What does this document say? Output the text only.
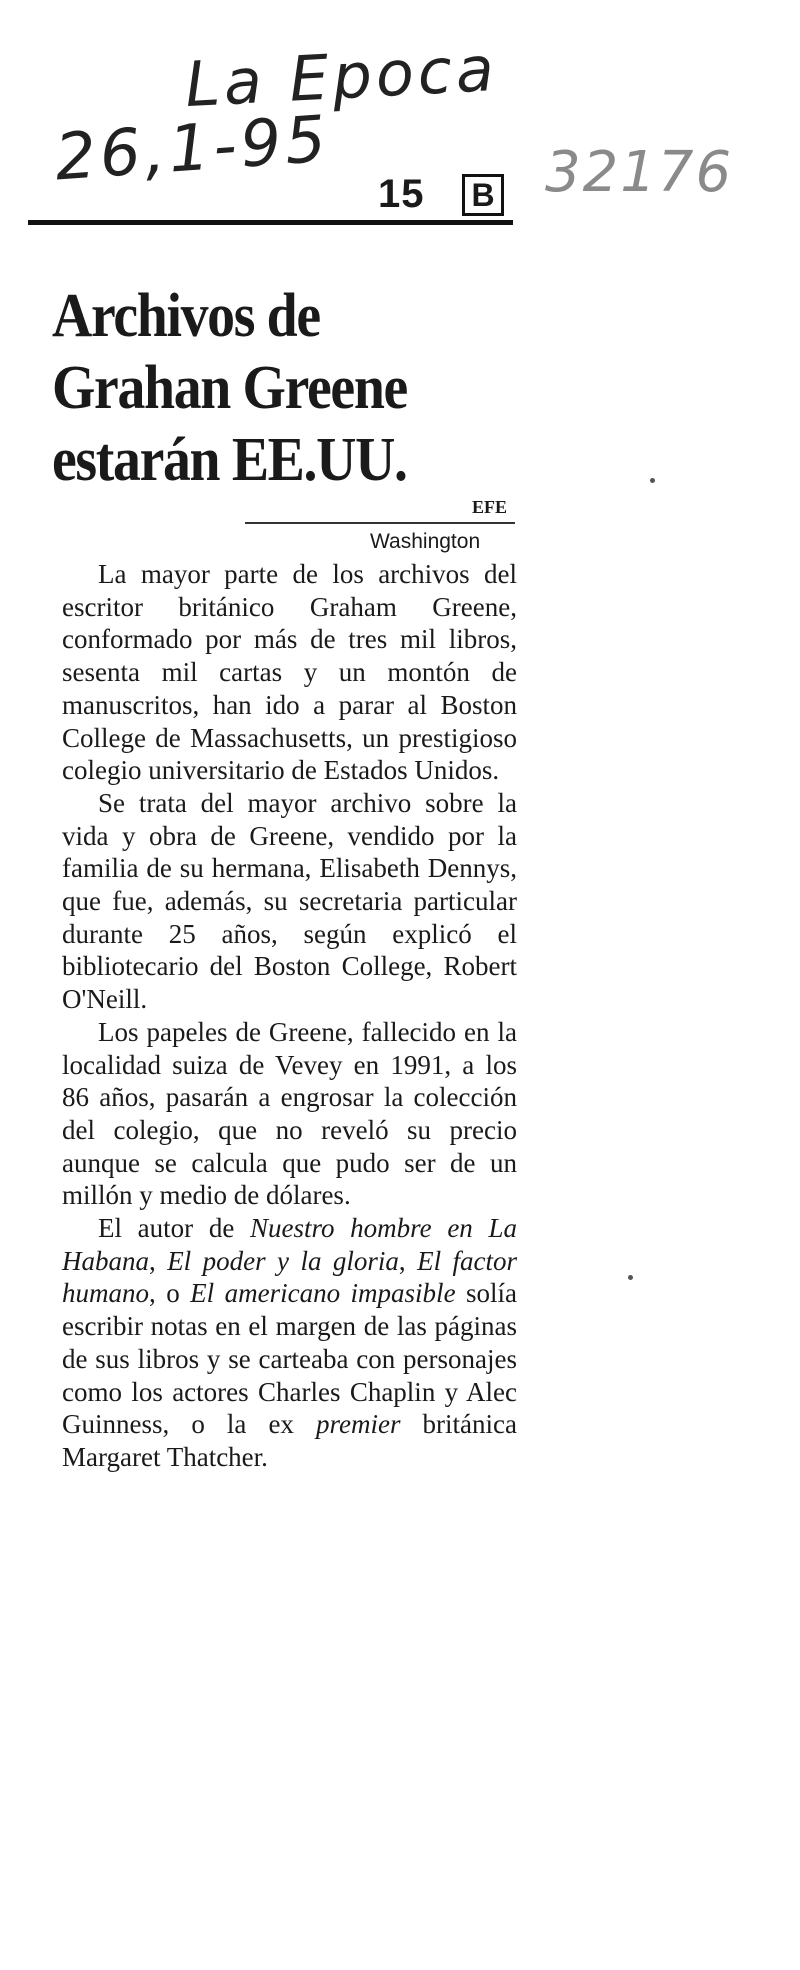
La Epoca
26,1-95	32176
15 B
Archivos de Grahan Greene estarán EE.UU.
EFE
Washington

La mayor parte de los archivos del escritor británico Graham Greene, conformado por más de tres mil libros, sesenta mil cartas y un montón de manuscritos, han ido a parar al Boston College de Massachusetts, un prestigioso colegio universitario de Estados Unidos.

Se trata del mayor archivo sobre la vida y obra de Greene, vendido por la familia de su hermana, Elisabeth Dennys, que fue, además, su secretaria particular durante 25 años, según explicó el bibliotecario del Boston College, Robert O'Neill.

Los papeles de Greene, fallecido en la localidad suiza de Vevey en 1991, a los 86 años, pasarán a engrosar la colección del colegio, que no reveló su precio aunque se calcula que pudo ser de un millón y medio de dólares.

El autor de Nuestro hombre en La Habana, El poder y la gloria, El factor humano, o El americano impasible solía escribir notas en el margen de las páginas de sus libros y se carteaba con personajes como los actores Charles Chaplin y Alec Guinness, o la ex premier británica Margaret Thatcher.
